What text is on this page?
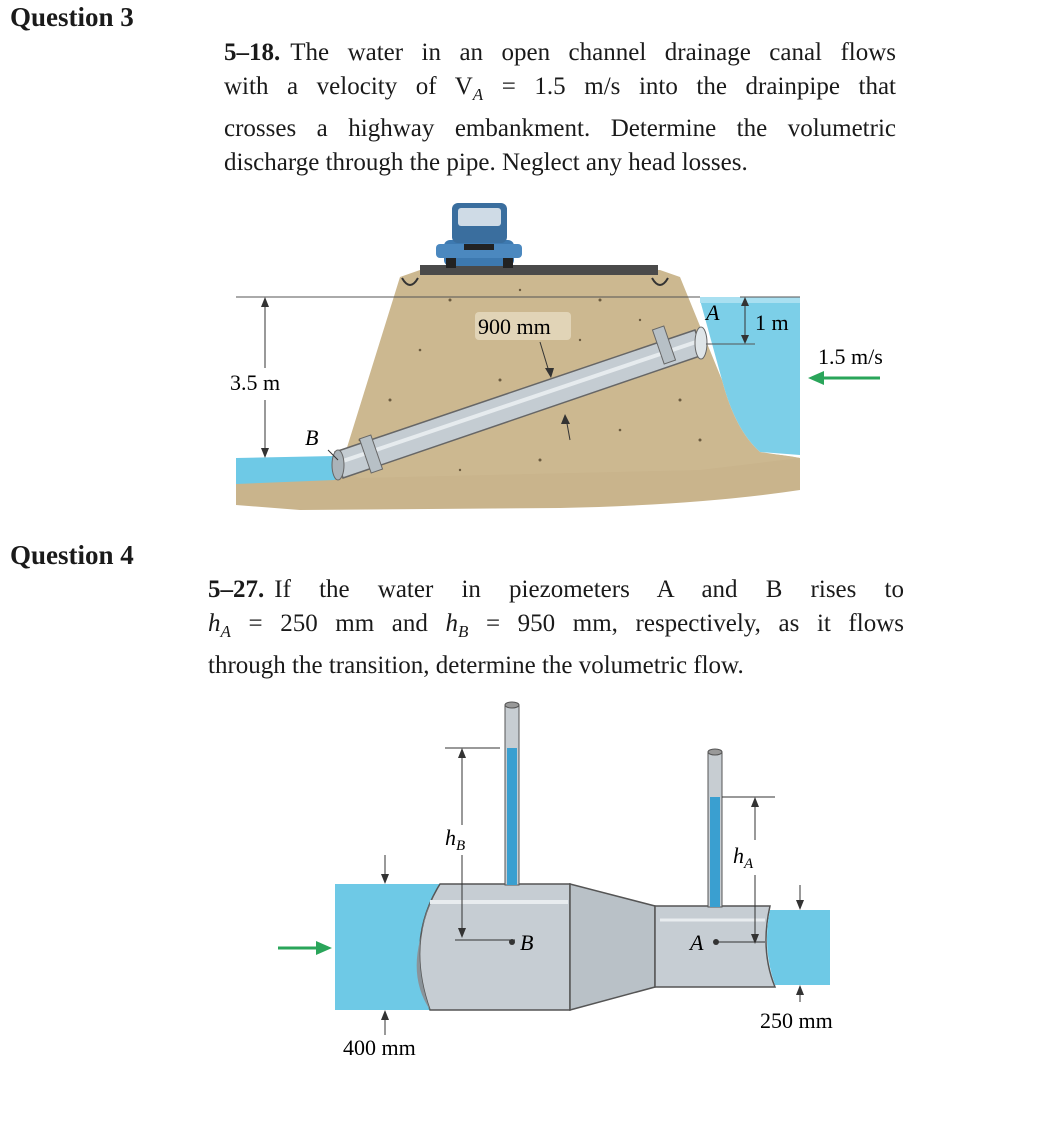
Question 3
5–18. The water in an open channel drainage canal flows
with a velocity of $V_A = 1.5$ m/s into the drainpipe that
crosses a highway embankment. Determine the volumetric
discharge through the pipe. Neglect any head losses.
3.5 m
B
900 mm
A 1 m
1.5 m/s
Question 4
5–27. If the water in piezometers A and B rises to
$h_A = 250$ mm and $h_B = 950$ mm, respectively, as it flows
through the transition, determine the volumetric flow.
$h_B$
B
$h_A$
A
400 mm
250 mm
